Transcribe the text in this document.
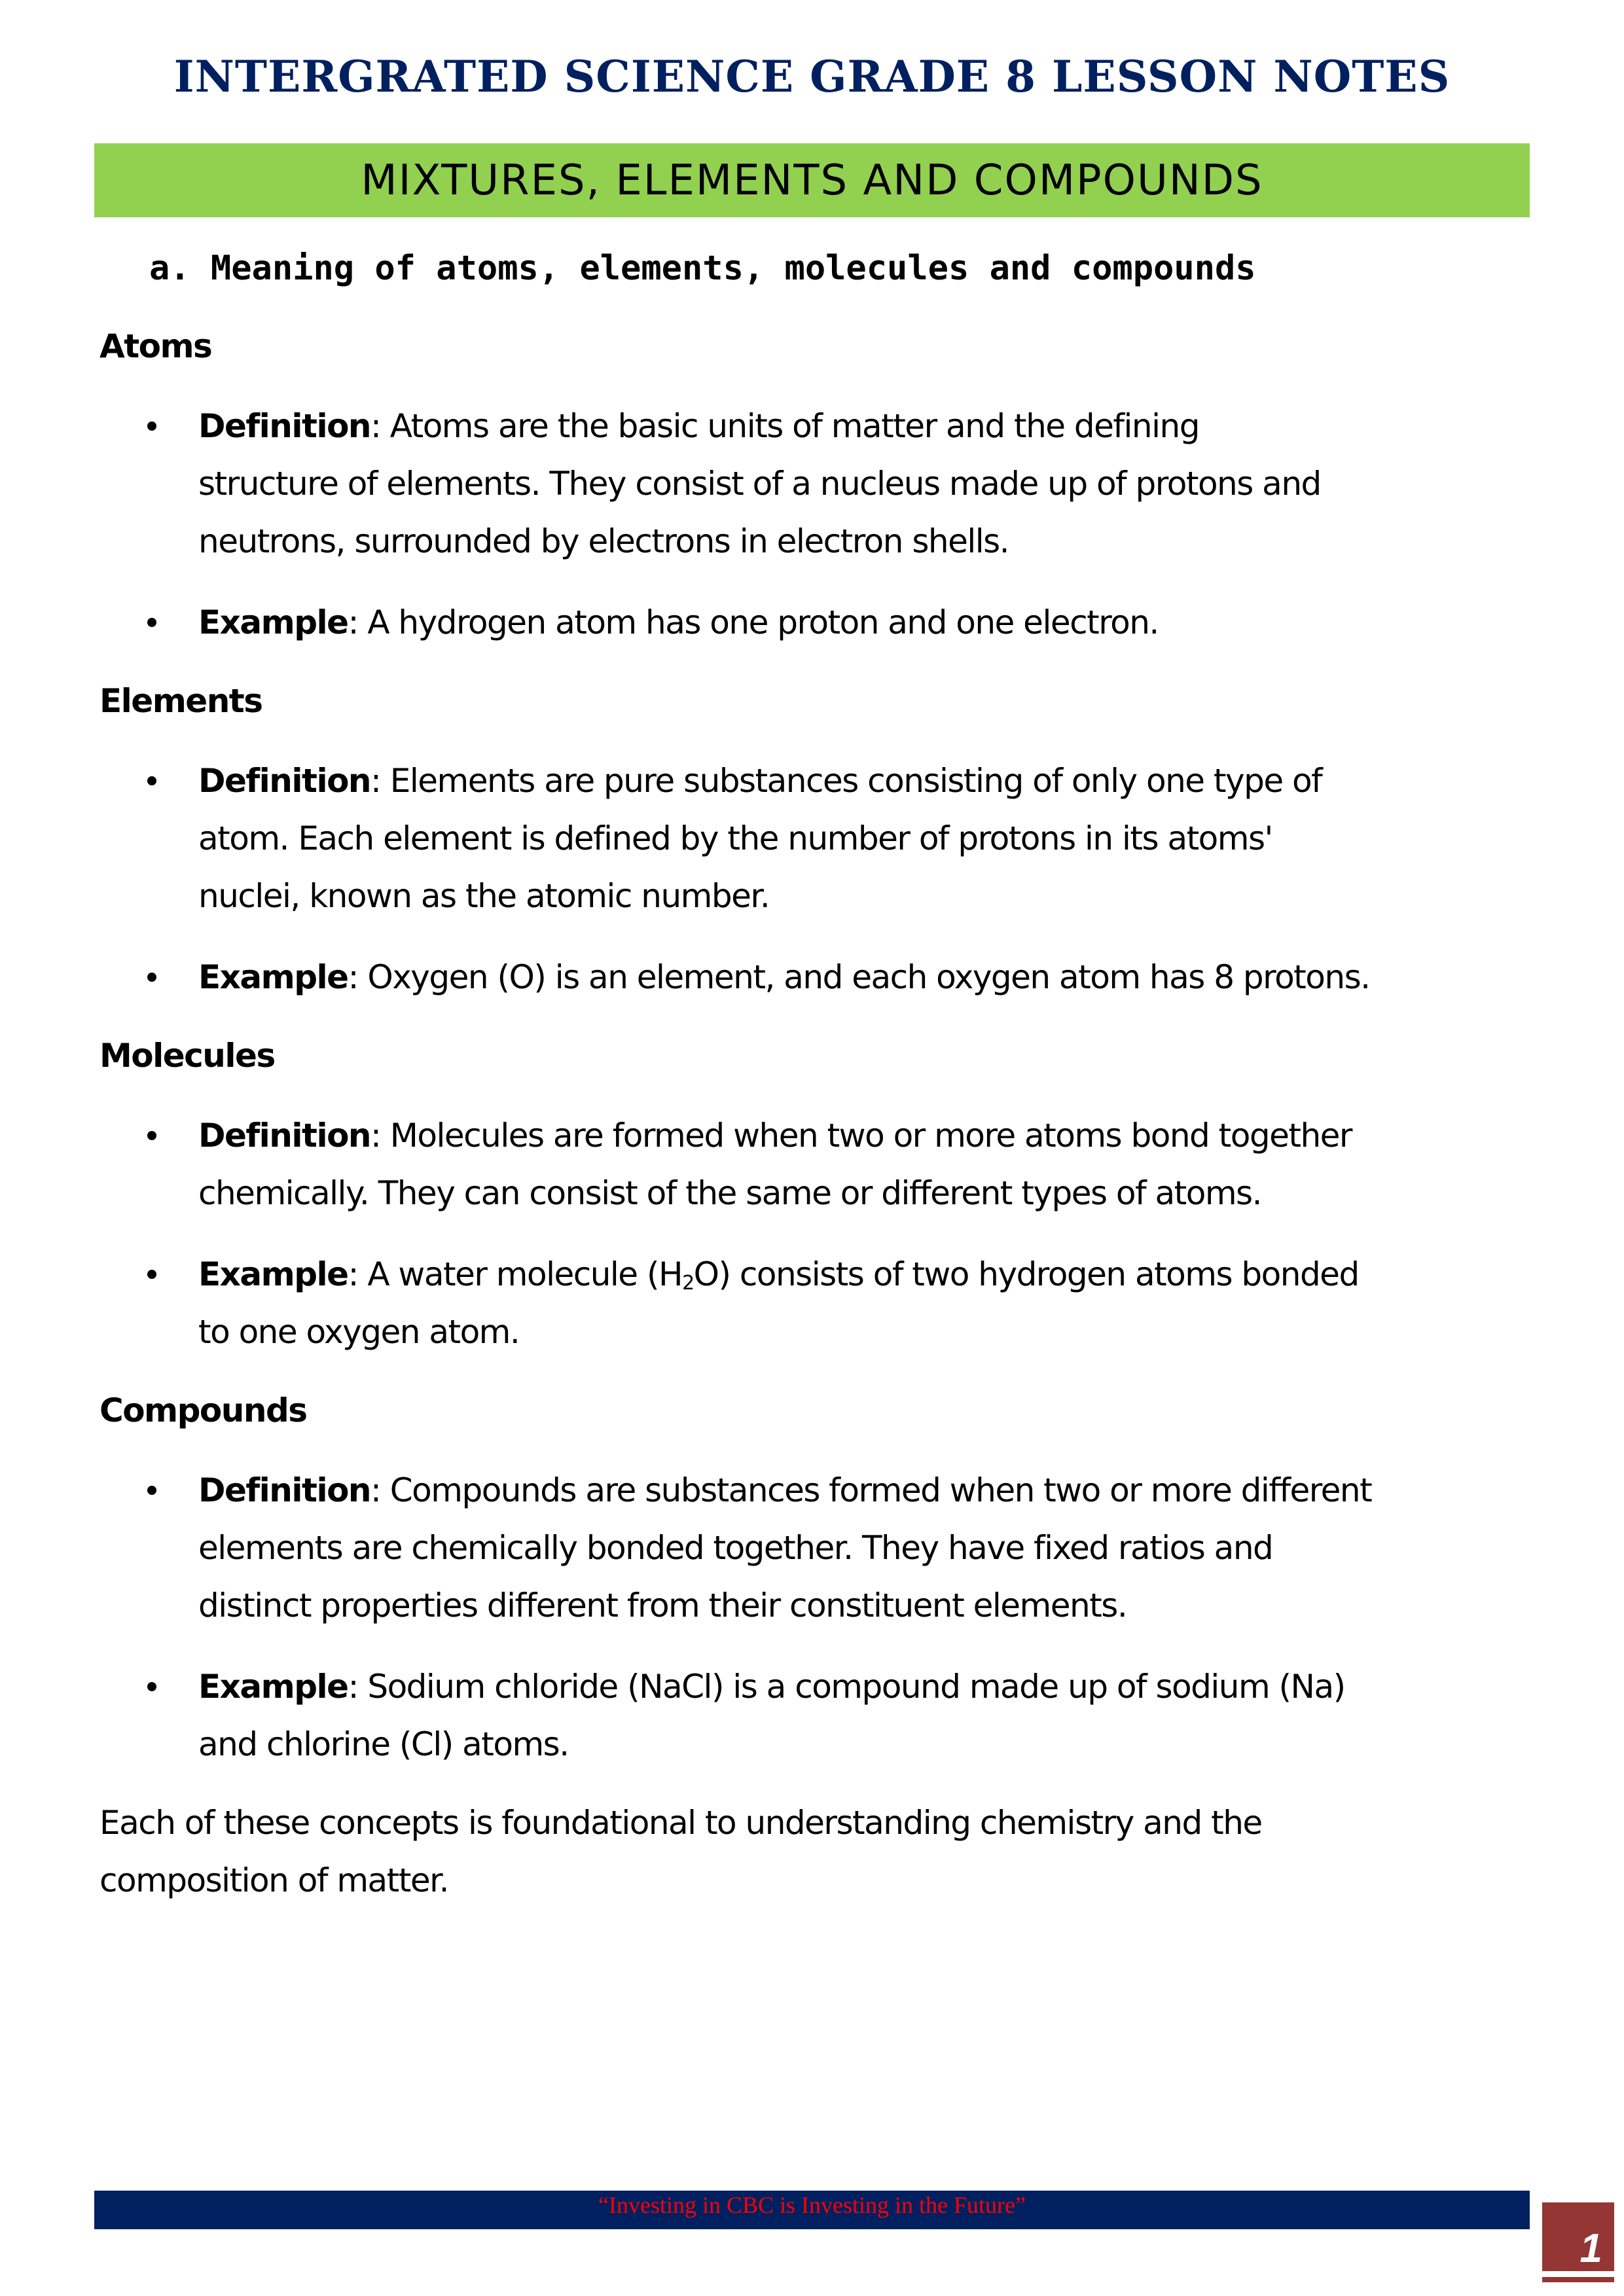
INTERGRATED SCIENCE GRADE 8 LESSON NOTES
MIXTURES, ELEMENTS AND COMPOUNDS
a. Meaning of atoms, elements, molecules and compounds
Atoms
Definition: Atoms are the basic units of matter and the defining
structure of elements. They consist of a nucleus made up of protons and
neutrons, surrounded by electrons in electron shells.
Example: A hydrogen atom has one proton and one electron.
Elements
Definition: Elements are pure substances consisting of only one type of
atom. Each element is defined by the number of protons in its atoms'
nuclei, known as the atomic number.
Example: Oxygen (O) is an element, and each oxygen atom has 8 protons.
Molecules
Definition: Molecules are formed when two or more atoms bond together
chemically. They can consist of the same or different types of atoms.
Example: A water molecule $(H_2O)$ consists of two hydrogen atoms bonded
to one oxygen atom.
Compounds
Definition: Compounds are substances formed when two or more different
elements are chemically bonded together. They have fixed ratios and
distinct properties different from their constituent elements.
Example: Sodium chloride (NaCl) is a compound made up of sodium (Na)
and chlorine (Cl) atoms.
Each of these concepts is foundational to understanding chemistry and the
composition of matter.
“Investing in CBC is Investing in the Future”
1
